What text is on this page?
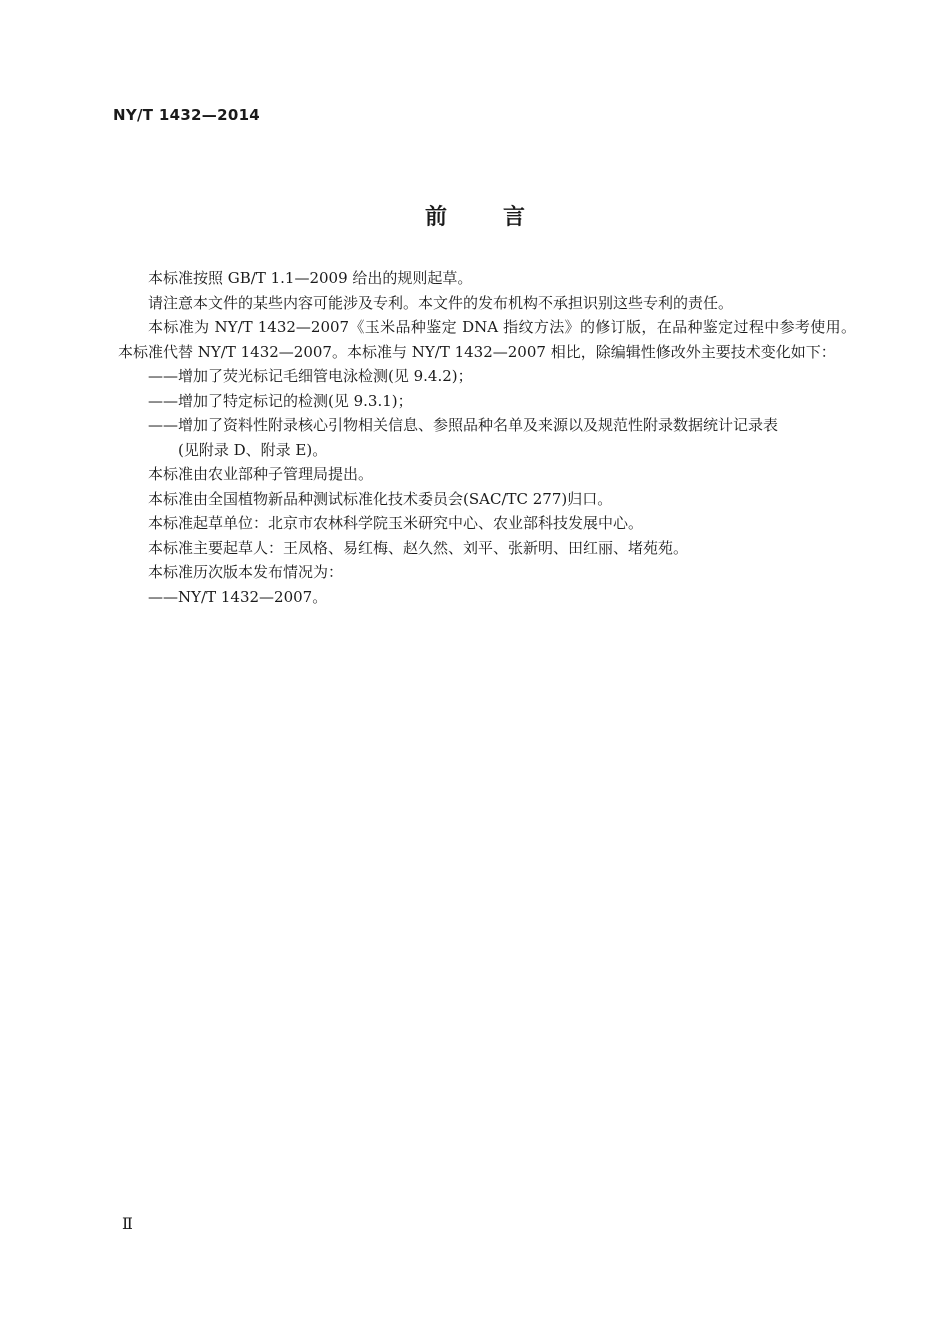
NY/T 1432—2014
前	言

本标准按照 GB/T 1.1—2009 给出的规则起草。

请注意本文件的某些内容可能涉及专利。本文件的发布机构不承担识别这些专利的责任。

本标准为 NY/T 1432—2007《玉米品种鉴定 DNA 指纹方法》的修订版，在品种鉴定过程中参考使用。本标准代替 NY/T 1432—2007。本标准与 NY/T 1432—2007 相比，除编辑性修改外主要技术变化如下：

——增加了荧光标记毛细管电泳检测(见 9.4.2)；

——增加了特定标记的检测(见 9.3.1)；

——增加了资料性附录核心引物相关信息、参照品种名单及来源以及规范性附录数据统计记录表
(见附录 D、附录 E)。

本标准由农业部种子管理局提出。

本标准由全国植物新品种测试标准化技术委员会(SAC/TC 277)归口。

本标准起草单位：北京市农林科学院玉米研究中心、农业部科技发展中心。

本标准主要起草人：王凤格、易红梅、赵久然、刘平、张新明、田红丽、堵苑苑。

本标准历次版本发布情况为：

——NY/T 1432—2007。

Ⅱ
